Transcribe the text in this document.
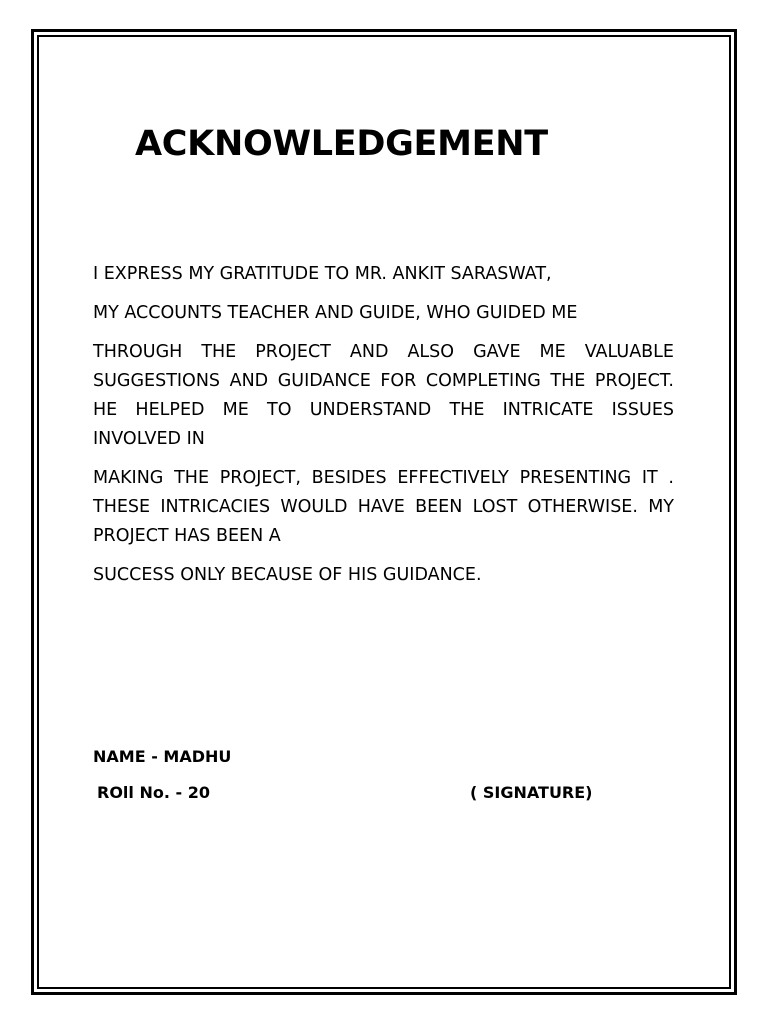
ACKNOWLEDGEMENT

I EXPRESS MY GRATITUDE TO MR. ANKIT SARASWAT,

MY ACCOUNTS TEACHER AND GUIDE, WHO GUIDED ME

THROUGH THE PROJECT AND ALSO GAVE ME VALUABLE SUGGESTIONS AND GUIDANCE FOR COMPLETING THE PROJECT. HE HELPED ME TO UNDERSTAND THE INTRICATE ISSUES INVOLVED IN

MAKING THE PROJECT, BESIDES EFFECTIVELY PRESENTING IT . THESE INTRICACIES WOULD HAVE BEEN LOST OTHERWISE. MY PROJECT HAS BEEN A

SUCCESS ONLY BECAUSE OF HIS GUIDANCE.

NAME - MADHU
ROll No. - 20	( SIGNATURE)
